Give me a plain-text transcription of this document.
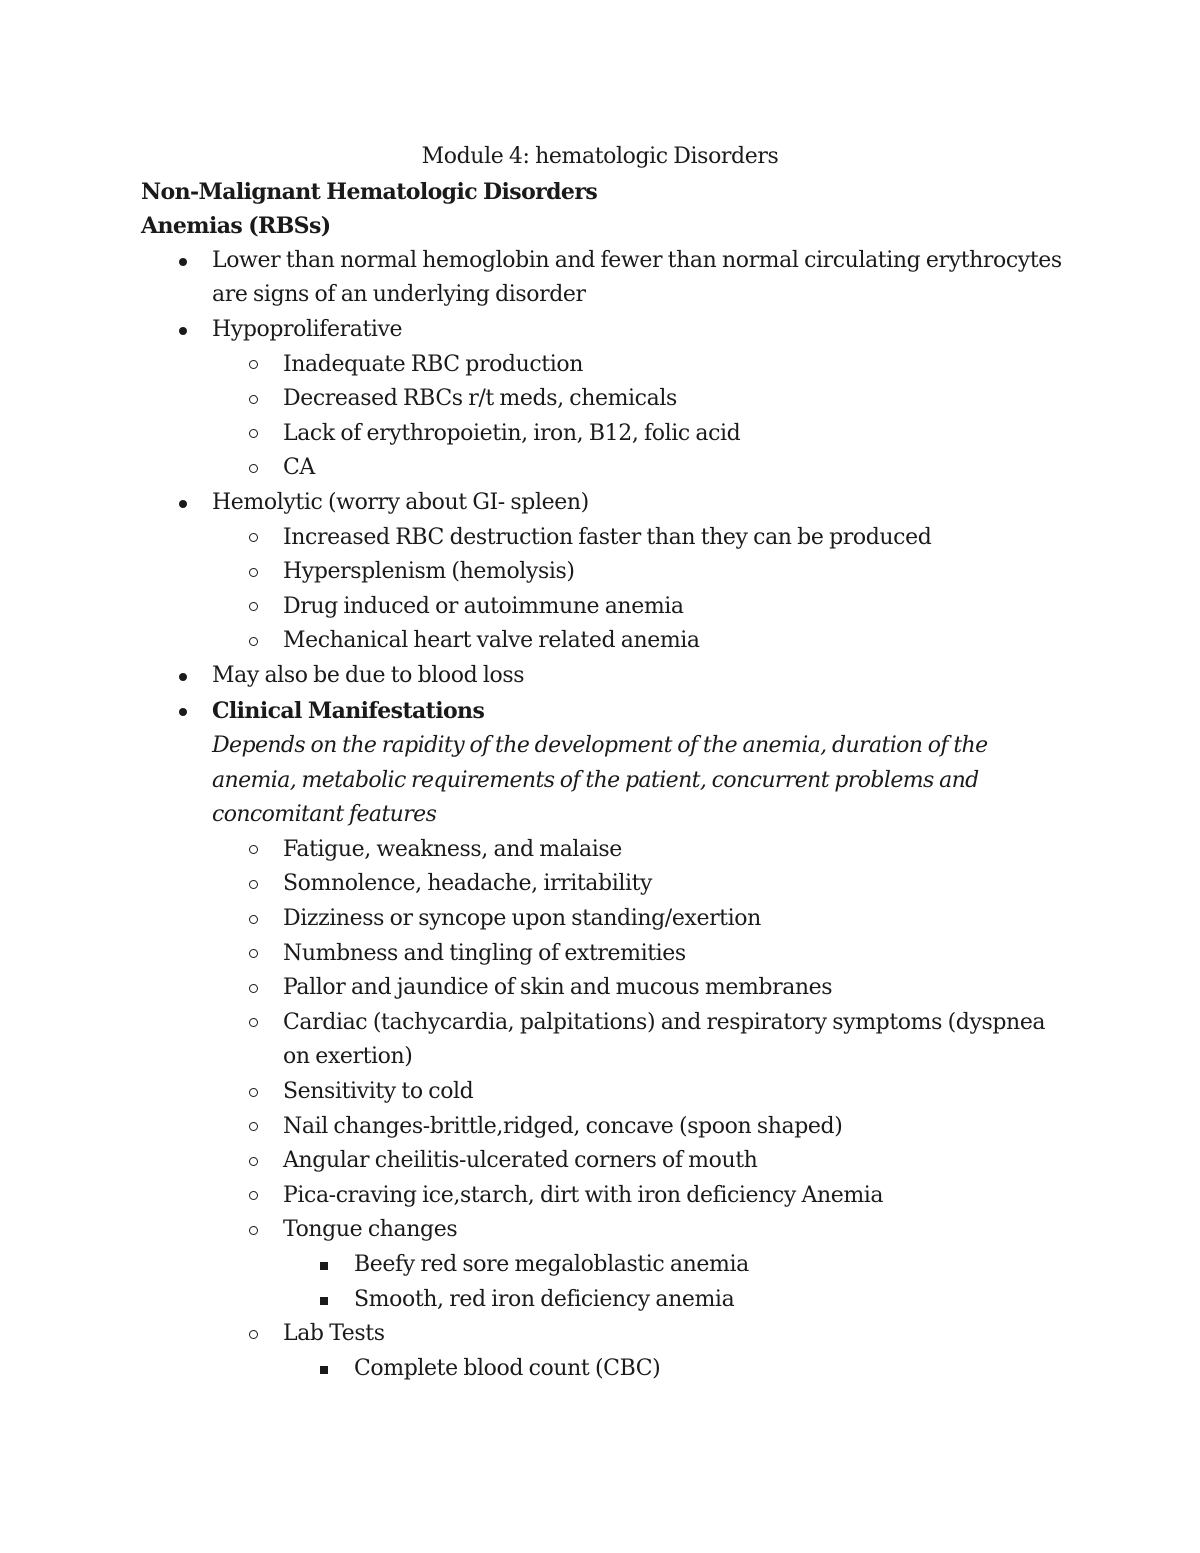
Module 4: hematologic Disorders
Non-Malignant Hematologic Disorders
Anemias (RBSs)
Lower than normal hemoglobin and fewer than normal circulating erythrocytes are signs of an underlying disorder
Hypoproliferative
Inadequate RBC production
Decreased RBCs r/t meds, chemicals
Lack of erythropoietin, iron, B12, folic acid
CA
Hemolytic (worry about GI- spleen)
Increased RBC destruction faster than they can be produced
Hypersplenism (hemolysis)
Drug induced or autoimmune anemia
Mechanical heart valve related anemia
May also be due to blood loss
Clinical Manifestations
Depends on the rapidity of the development of the anemia, duration of the anemia, metabolic requirements of the patient, concurrent problems and concomitant features
Fatigue, weakness, and malaise
Somnolence, headache, irritability
Dizziness or syncope upon standing/exertion
Numbness and tingling of extremities
Pallor and jaundice of skin and mucous membranes
Cardiac (tachycardia, palpitations) and respiratory symptoms (dyspnea on exertion)
Sensitivity to cold
Nail changes-brittle,ridged, concave (spoon shaped)
Angular cheilitis-ulcerated corners of mouth
Pica-craving ice,starch, dirt with iron deficiency Anemia
Tongue changes
Beefy red sore megaloblastic anemia
Smooth, red iron deficiency anemia
Lab Tests
Complete blood count (CBC)
